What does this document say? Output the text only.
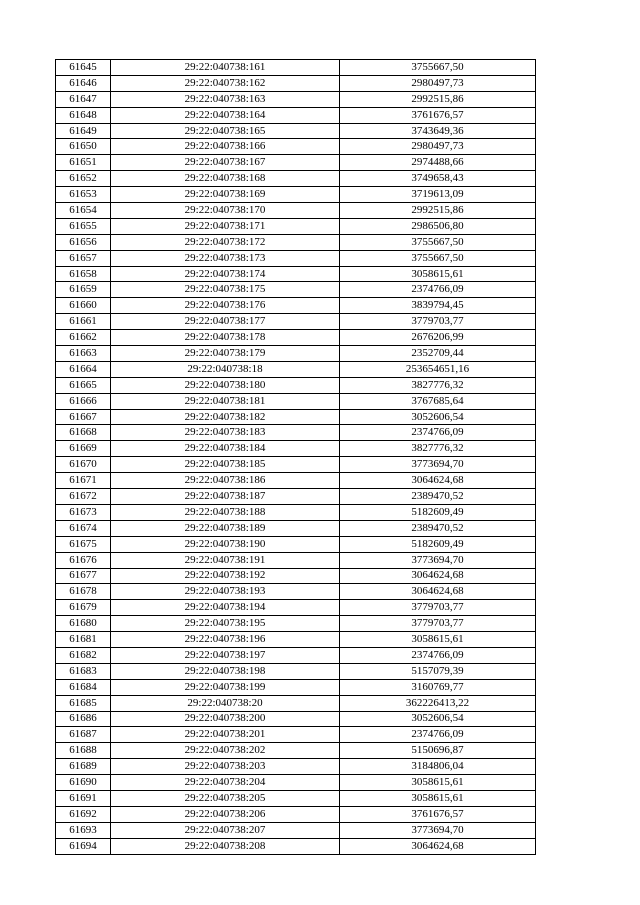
61645	29:22:040738:161	3755667,50
61646	29:22:040738:162	2980497,73
61647	29:22:040738:163	2992515,86
61648	29:22:040738:164	3761676,57
61649	29:22:040738:165	3743649,36
61650	29:22:040738:166	2980497,73
61651	29:22:040738:167	2974488,66
61652	29:22:040738:168	3749658,43
61653	29:22:040738:169	3719613,09
61654	29:22:040738:170	2992515,86
61655	29:22:040738:171	2986506,80
61656	29:22:040738:172	3755667,50
61657	29:22:040738:173	3755667,50
61658	29:22:040738:174	3058615,61
61659	29:22:040738:175	2374766,09
61660	29:22:040738:176	3839794,45
61661	29:22:040738:177	3779703,77
61662	29:22:040738:178	2676206,99
61663	29:22:040738:179	2352709,44
61664	29:22:040738:18	253654651,16
61665	29:22:040738:180	3827776,32
61666	29:22:040738:181	3767685,64
61667	29:22:040738:182	3052606,54
61668	29:22:040738:183	2374766,09
61669	29:22:040738:184	3827776,32
61670	29:22:040738:185	3773694,70
61671	29:22:040738:186	3064624,68
61672	29:22:040738:187	2389470,52
61673	29:22:040738:188	5182609,49
61674	29:22:040738:189	2389470,52
61675	29:22:040738:190	5182609,49
61676	29:22:040738:191	3773694,70
61677	29:22:040738:192	3064624,68
61678	29:22:040738:193	3064624,68
61679	29:22:040738:194	3779703,77
61680	29:22:040738:195	3779703,77
61681	29:22:040738:196	3058615,61
61682	29:22:040738:197	2374766,09
61683	29:22:040738:198	5157079,39
61684	29:22:040738:199	3160769,77
61685	29:22:040738:20	362226413,22
61686	29:22:040738:200	3052606,54
61687	29:22:040738:201	2374766,09
61688	29:22:040738:202	5150696,87
61689	29:22:040738:203	3184806,04
61690	29:22:040738:204	3058615,61
61691	29:22:040738:205	3058615,61
61692	29:22:040738:206	3761676,57
61693	29:22:040738:207	3773694,70
61694	29:22:040738:208	3064624,68
